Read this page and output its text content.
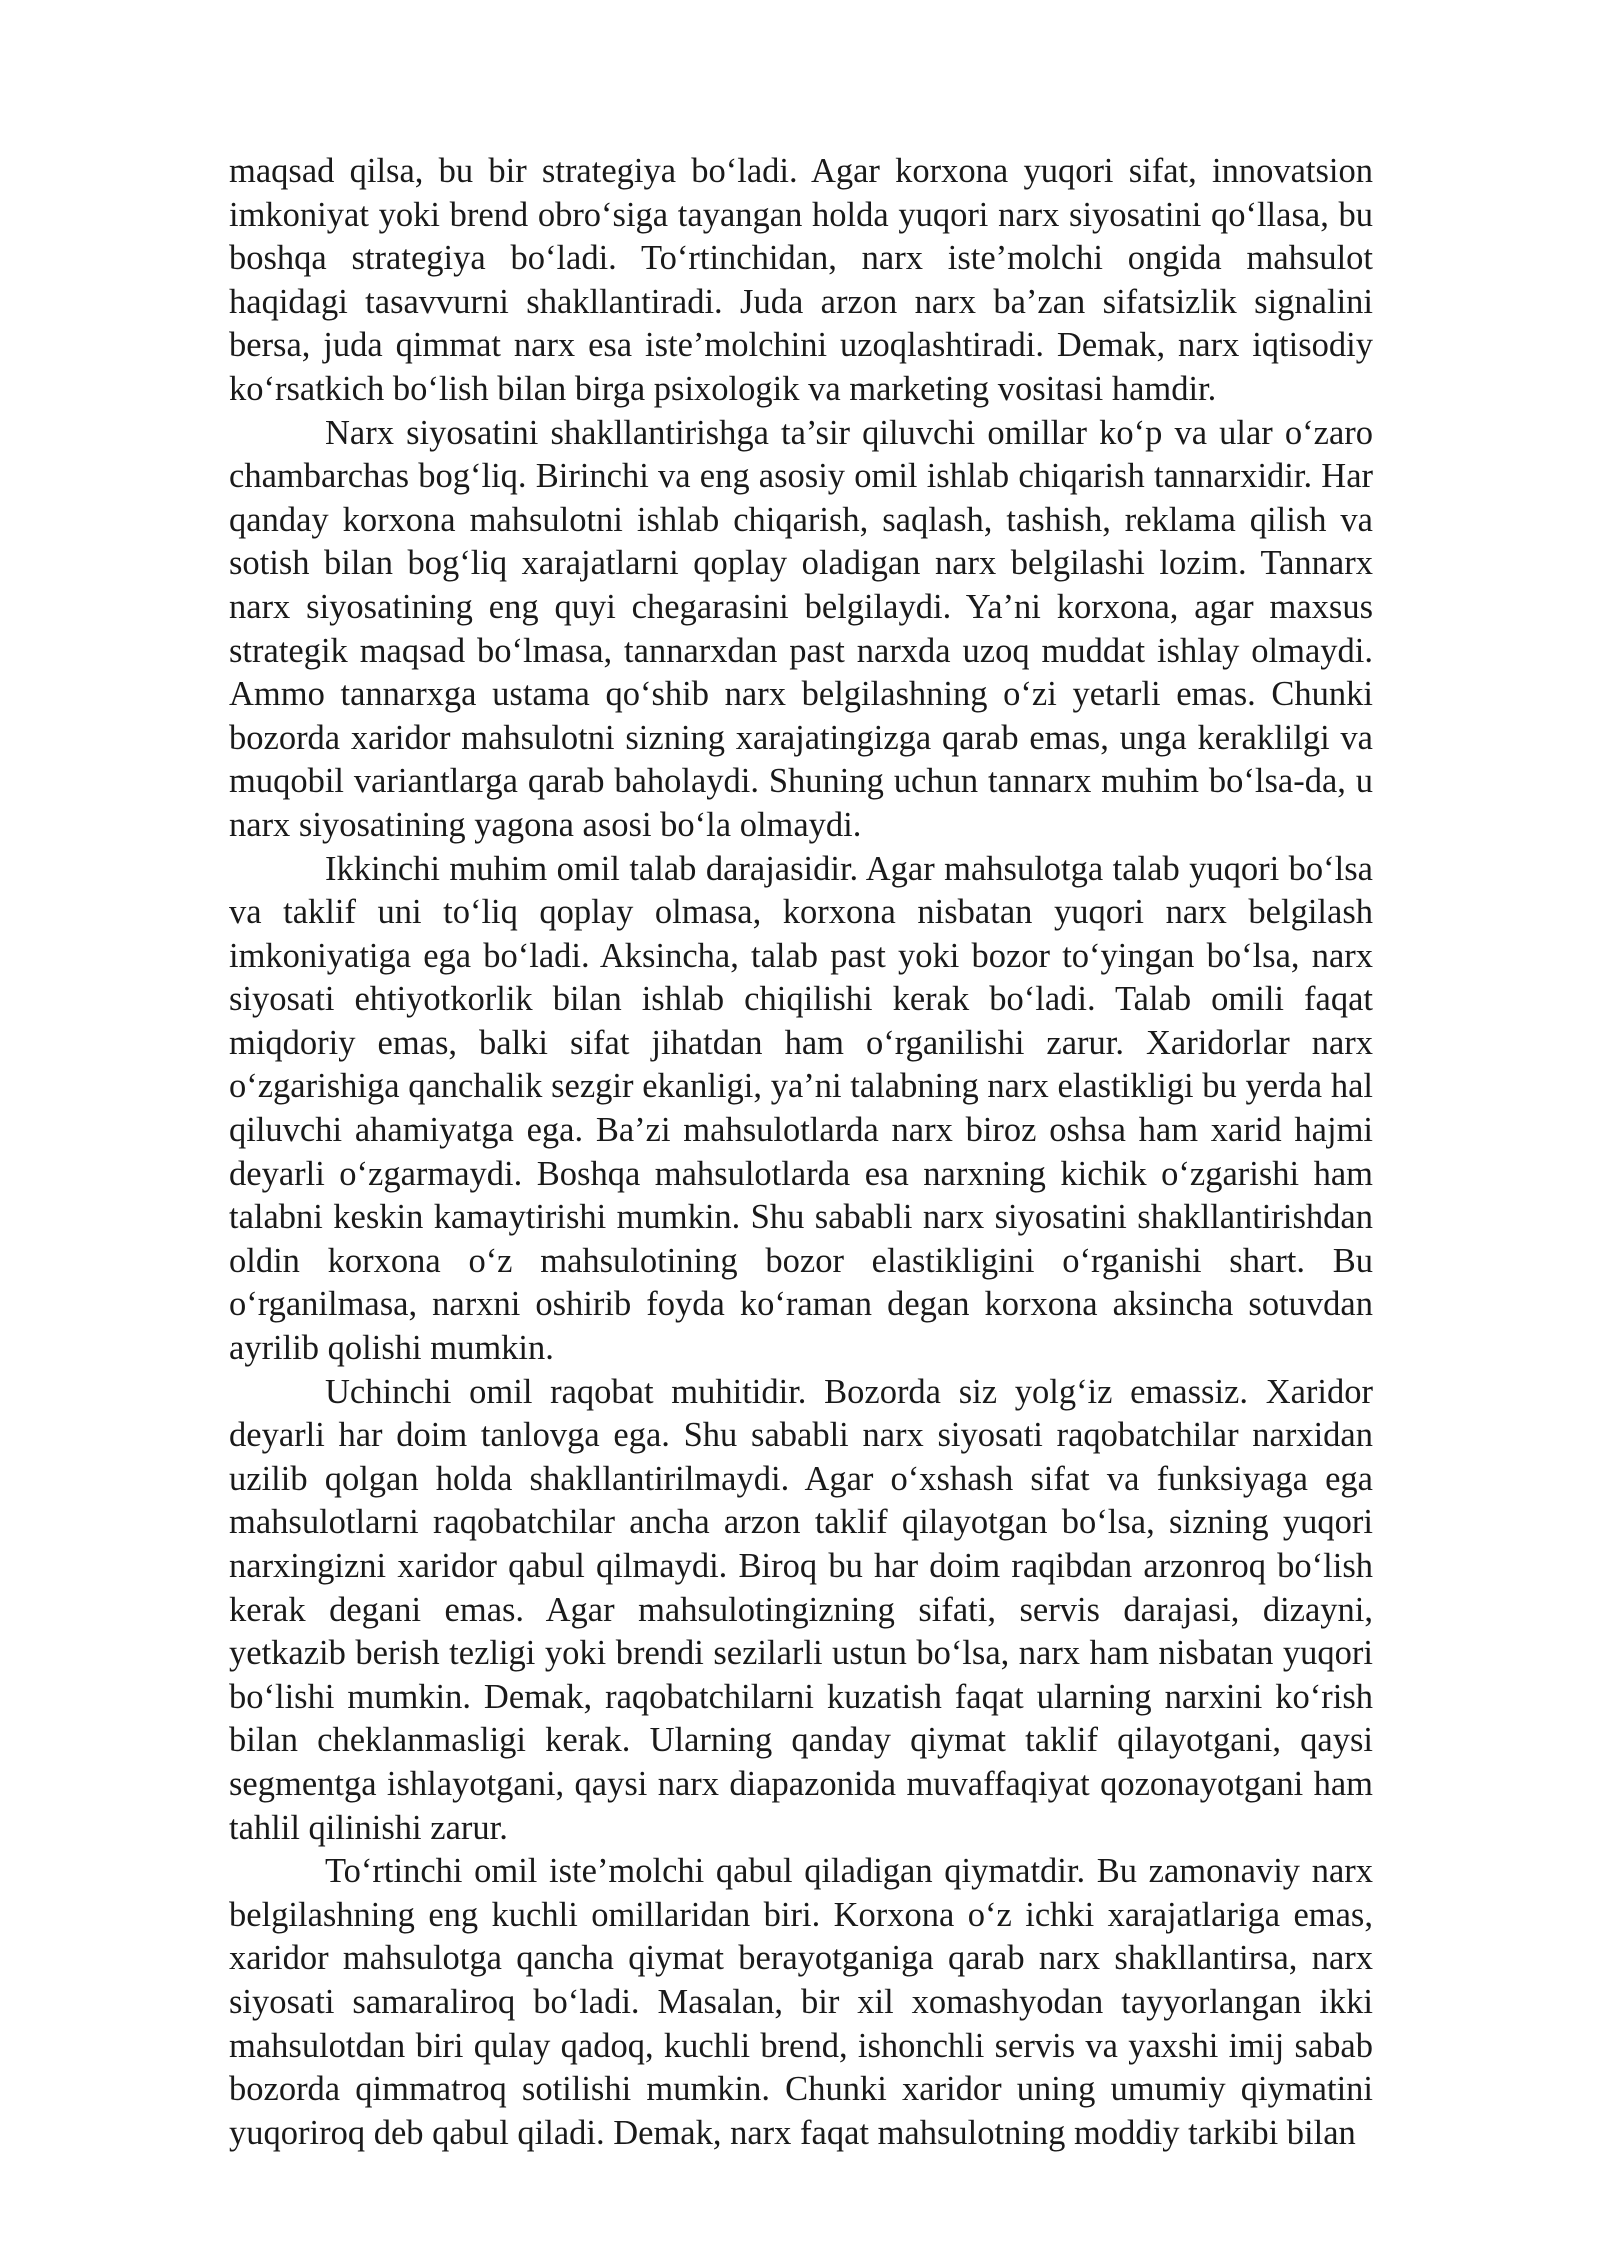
maqsad qilsa, bu bir strategiya bo‘ladi. Agar korxona yuqori sifat, innovatsion imkoniyat yoki brend obro‘siga tayangan holda yuqori narx siyosatini qo‘llasa, bu boshqa strategiya bo‘ladi. To‘rtinchidan, narx iste’molchi ongida mahsulot haqidagi tasavvurni shakllantiradi. Juda arzon narx ba’zan sifatsizlik signalini bersa, juda qimmat narx esa iste’molchini uzoqlashtiradi. Demak, narx iqtisodiy ko‘rsatkich bo‘lish bilan birga psixologik va marketing vositasi hamdir.

Narx siyosatini shakllantirishga ta’sir qiluvchi omillar ko‘p va ular o‘zaro chambarchas bog‘liq. Birinchi va eng asosiy omil ishlab chiqarish tannarxidir. Har qanday korxona mahsulotni ishlab chiqarish, saqlash, tashish, reklama qilish va sotish bilan bog‘liq xarajatlarni qoplay oladigan narx belgilashi lozim. Tannarx narx siyosatining eng quyi chegarasini belgilaydi. Ya’ni korxona, agar maxsus strategik maqsad bo‘lmasa, tannarxdan past narxda uzoq muddat ishlay olmaydi. Ammo tannarxga ustama qo‘shib narx belgilashning o‘zi yetarli emas. Chunki bozorda xaridor mahsulotni sizning xarajatingizga qarab emas, unga keraklilgi va muqobil variantlarga qarab baholaydi. Shuning uchun tannarx muhim bo‘lsa-da, u narx siyosatining yagona asosi bo‘la olmaydi.

Ikkinchi muhim omil talab darajasidir. Agar mahsulotga talab yuqori bo‘lsa va taklif uni to‘liq qoplay olmasa, korxona nisbatan yuqori narx belgilash imkoniyatiga ega bo‘ladi. Aksincha, talab past yoki bozor to‘yingan bo‘lsa, narx siyosati ehtiyotkorlik bilan ishlab chiqilishi kerak bo‘ladi. Talab omili faqat miqdoriy emas, balki sifat jihatdan ham o‘rganilishi zarur. Xaridorlar narx o‘zgarishiga qanchalik sezgir ekanligi, ya’ni talabning narx elastikligi bu yerda hal qiluvchi ahamiyatga ega. Ba’zi mahsulotlarda narx biroz oshsa ham xarid hajmi deyarli o‘zgarmaydi. Boshqa mahsulotlarda esa narxning kichik o‘zgarishi ham talabni keskin kamaytirishi mumkin. Shu sababli narx siyosatini shakllantirishdan oldin korxona o‘z mahsulotining bozor elastikligini o‘rganishi shart. Bu o‘rganilmasa, narxni oshirib foyda ko‘raman degan korxona aksincha sotuvdan ayrilib qolishi mumkin.

Uchinchi omil raqobat muhitidir. Bozorda siz yolg‘iz emassiz. Xaridor deyarli har doim tanlovga ega. Shu sababli narx siyosati raqobatchilar narxidan uzilib qolgan holda shakllantirilmaydi. Agar o‘xshash sifat va funksiyaga ega mahsulotlarni raqobatchilar ancha arzon taklif qilayotgan bo‘lsa, sizning yuqori narxingizni xaridor qabul qilmaydi. Biroq bu har doim raqibdan arzonroq bo‘lish kerak degani emas. Agar mahsulotingizning sifati, servis darajasi, dizayni, yetkazib berish tezligi yoki brendi sezilarli ustun bo‘lsa, narx ham nisbatan yuqori bo‘lishi mumkin. Demak, raqobatchilarni kuzatish faqat ularning narxini ko‘rish bilan cheklanmasligi kerak. Ularning qanday qiymat taklif qilayotgani, qaysi segmentga ishlayotgani, qaysi narx diapazonida muvaffaqiyat qozonayotgani ham tahlil qilinishi zarur.

To‘rtinchi omil iste’molchi qabul qiladigan qiymatdir. Bu zamonaviy narx belgilashning eng kuchli omillaridan biri. Korxona o‘z ichki xarajatlariga emas, xaridor mahsulotga qancha qiymat berayotganiga qarab narx shakllantirsa, narx siyosati samaraliroq bo‘ladi. Masalan, bir xil xomashyodan tayyorlangan ikki mahsulotdan biri qulay qadoq, kuchli brend, ishonchli servis va yaxshi imij sabab bozorda qimmatroq sotilishi mumkin. Chunki xaridor uning umumiy qiymatini yuqoriroq deb qabul qiladi. Demak, narx faqat mahsulotning moddiy tarkibi bilan
